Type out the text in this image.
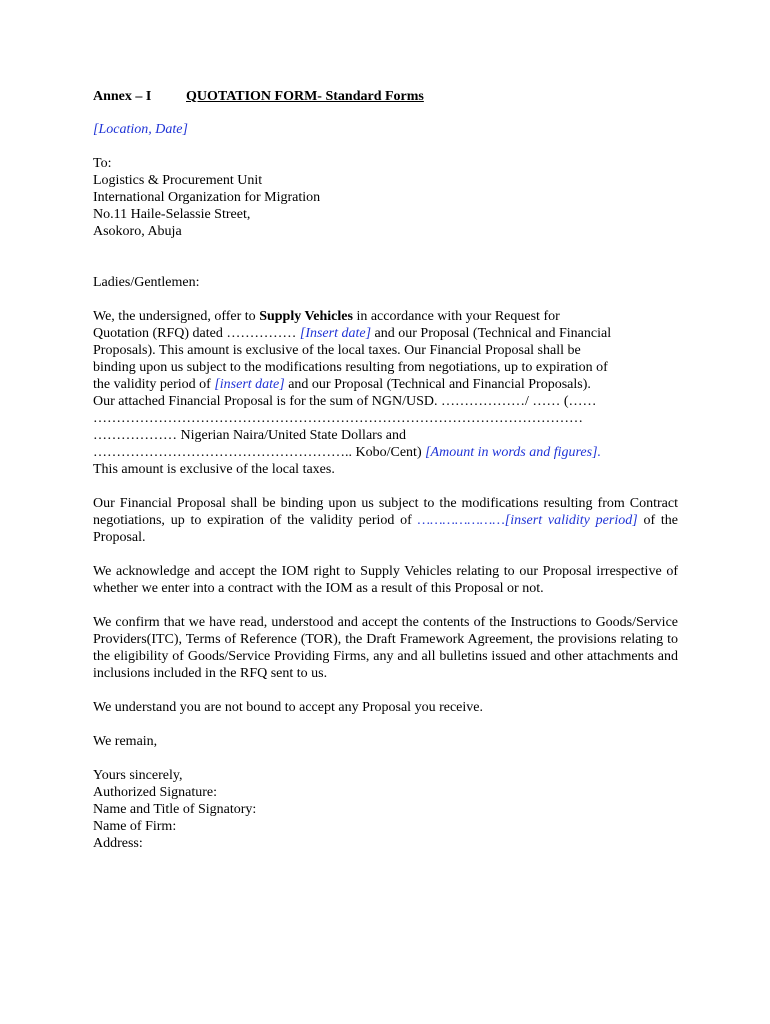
Annex – I QUOTATION FORM- Standard Forms

[Location, Date]

To:
Logistics & Procurement Unit
International Organization for Migration
No.11 Haile-Selassie Street,
Asokoro, Abuja

Ladies/Gentlemen:

We, the undersigned, offer to Supply Vehicles in accordance with your Request for
Quotation (RFQ) dated …………… [Insert date] and our Proposal (Technical and Financial
Proposals). This amount is exclusive of the local taxes. Our Financial Proposal shall be
binding upon us subject to the modifications resulting from negotiations, up to expiration of
the validity period of [insert date] and our Proposal (Technical and Financial Proposals).
Our attached Financial Proposal is for the sum of NGN/USD. ………………/ …… (……
……………………………………………………………………………………………
……………… Nigerian Naira/United State Dollars and
……………………………………………….. Kobo/Cent) [Amount in words and figures].
This amount is exclusive of the local taxes.

Our Financial Proposal shall be binding upon us subject to the modifications resulting from Contract negotiations, up to expiration of the validity period of …………………[insert validity period] of the Proposal.

We acknowledge and accept the IOM right to Supply Vehicles relating to our Proposal irrespective of whether we enter into a contract with the IOM as a result of this Proposal or not.

We confirm that we have read, understood and accept the contents of the Instructions to Goods/Service Providers(ITC), Terms of Reference (TOR), the Draft Framework Agreement, the provisions relating to the eligibility of Goods/Service Providing Firms, any and all bulletins issued and other attachments and inclusions included in the RFQ sent to us.

We understand you are not bound to accept any Proposal you receive.

We remain,

Yours sincerely,
Authorized Signature:
Name and Title of Signatory:
Name of Firm:
Address:
